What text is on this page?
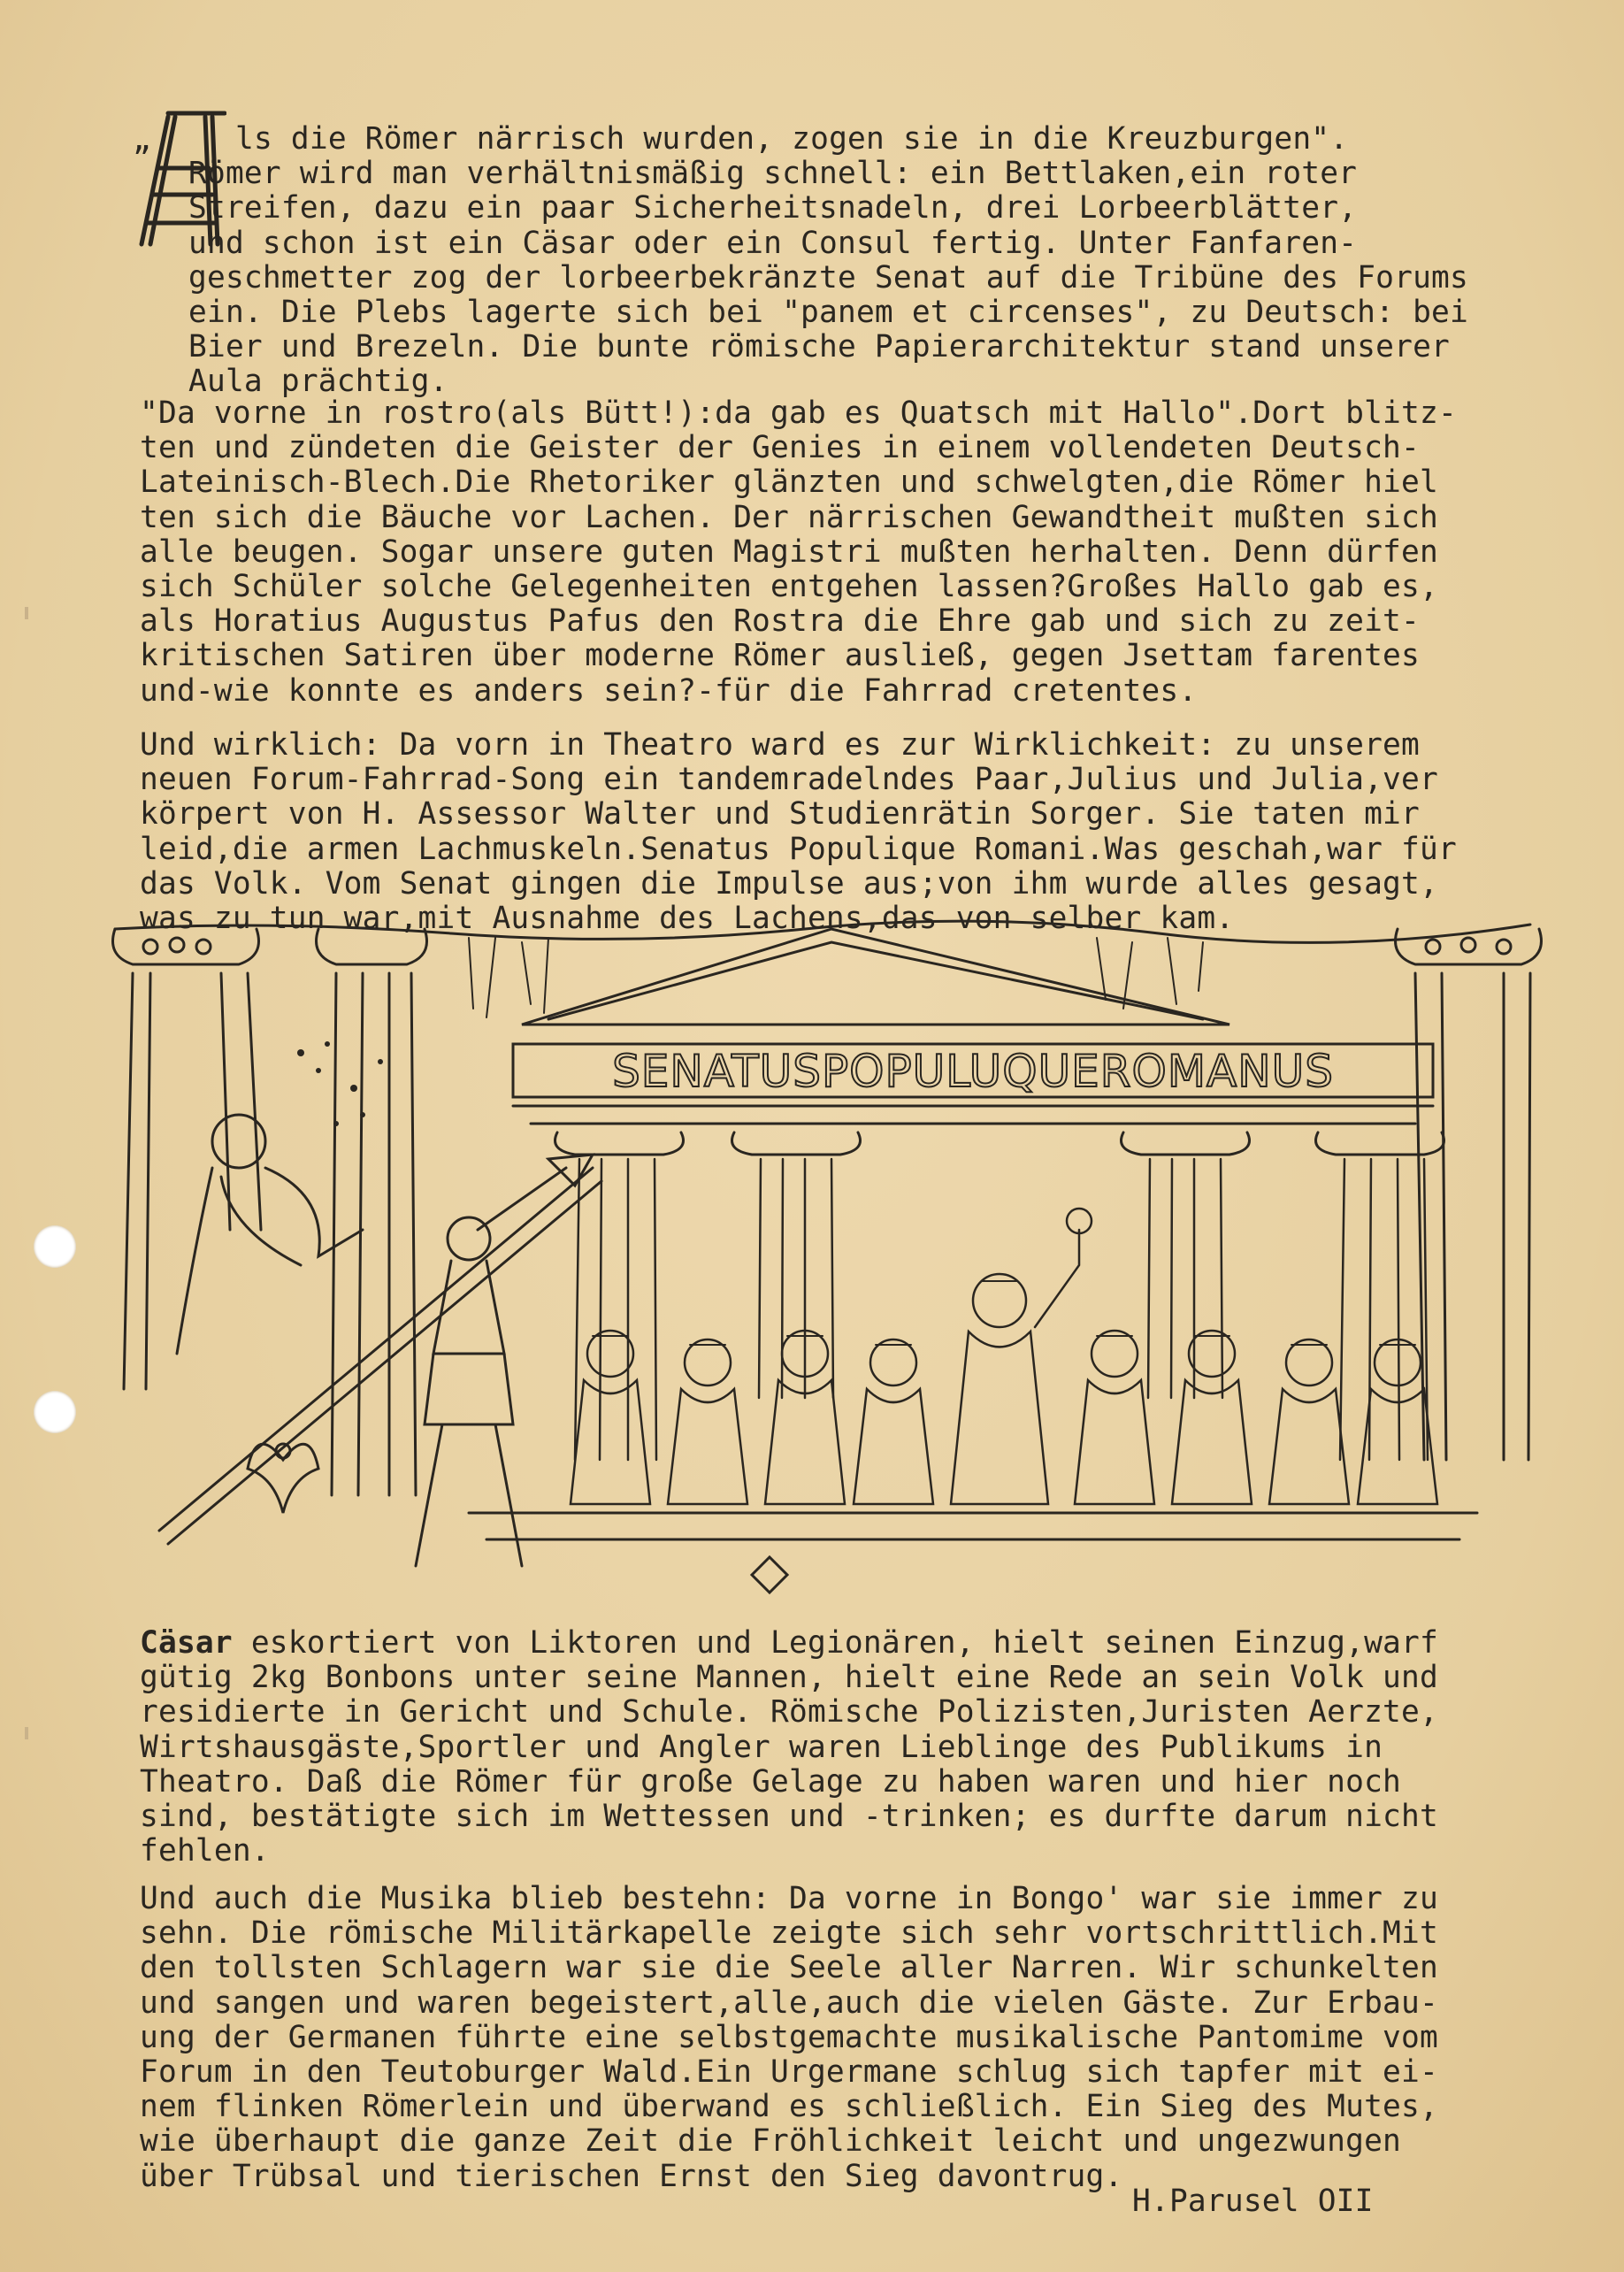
„	ls die Römer närrisch wurden, zogen sie in die Kreuzburgen".

Römer wird man verhältnismäßig schnell: ein Bettlaken,ein roter
Streifen, dazu ein paar Sicherheitsnadeln, drei Lorbeerblätter,
und schon ist ein Cäsar oder ein Consul fertig. Unter Fanfaren-
geschmetter zog der lorbeerbekränzte Senat auf die Tribüne des Forums
ein. Die Plebs lagerte sich bei "panem et circenses", zu Deutsch: bei
Bier und Brezeln. Die bunte römische Papierarchitektur stand unserer
Aula prächtig.

"Da vorne in rostro(als Bütt!):da gab es Quatsch mit Hallo".Dort blitz-
ten und zündeten die Geister der Genies in einem vollendeten Deutsch-
Lateinisch-Blech.Die Rhetoriker glänzten und schwelgten,die Römer hiel
ten sich die Bäuche vor Lachen. Der närrischen Gewandtheit mußten sich
alle beugen. Sogar unsere guten Magistri mußten herhalten. Denn dürfen
sich Schüler solche Gelegenheiten entgehen lassen?Großes Hallo gab es,
als Horatius Augustus Pafus den Rostra die Ehre gab und sich zu zeit-
kritischen Satiren über moderne Römer ausließ, gegen Jsettam farentes
und-wie konnte es anders sein?-für die Fahrrad cretentes.

Und wirklich: Da vorn in Theatro ward es zur Wirklichkeit: zu unserem
neuen Forum-Fahrrad-Song ein tandemradelndes Paar,Julius und Julia,ver
körpert von H. Assessor Walter und Studienrätin Sorger. Sie taten mir
leid,die armen Lachmuskeln.Senatus Populique Romani.Was geschah,war für
das Volk. Vom Senat gingen die Impulse aus;von ihm wurde alles gesagt,
was zu tun war,mit Ausnahme des Lachens,das von selber kam.

SENATUSPOPULUQUEROMANUS

Cäsar eskortiert von Liktoren und Legionären, hielt seinen Einzug,warf
gütig 2kg Bonbons unter seine Mannen, hielt eine Rede an sein Volk und
residierte in Gericht und Schule. Römische Polizisten,Juristen Aerzte,
Wirtshausgäste,Sportler und Angler waren Lieblinge des Publikums in
Theatro. Daß die Römer für große Gelage zu haben waren und hier noch
sind, bestätigte sich im Wettessen und -trinken; es durfte darum nicht
fehlen.

Und auch die Musika blieb bestehn: Da vorne in Bongo' war sie immer zu
sehn. Die römische Militärkapelle zeigte sich sehr vortschrittlich.Mit
den tollsten Schlagern war sie die Seele aller Narren. Wir schunkelten
und sangen und waren begeistert,alle,auch die vielen Gäste. Zur Erbau-
ung der Germanen führte eine selbstgemachte musikalische Pantomime vom
Forum in den Teutoburger Wald.Ein Urgermane schlug sich tapfer mit ei-
nem flinken Römerlein und überwand es schließlich. Ein Sieg des Mutes,
wie überhaupt die ganze Zeit die Fröhlichkeit leicht und ungezwungen
über Trübsal und tierischen Ernst den Sieg davontrug.

H.Parusel OII
